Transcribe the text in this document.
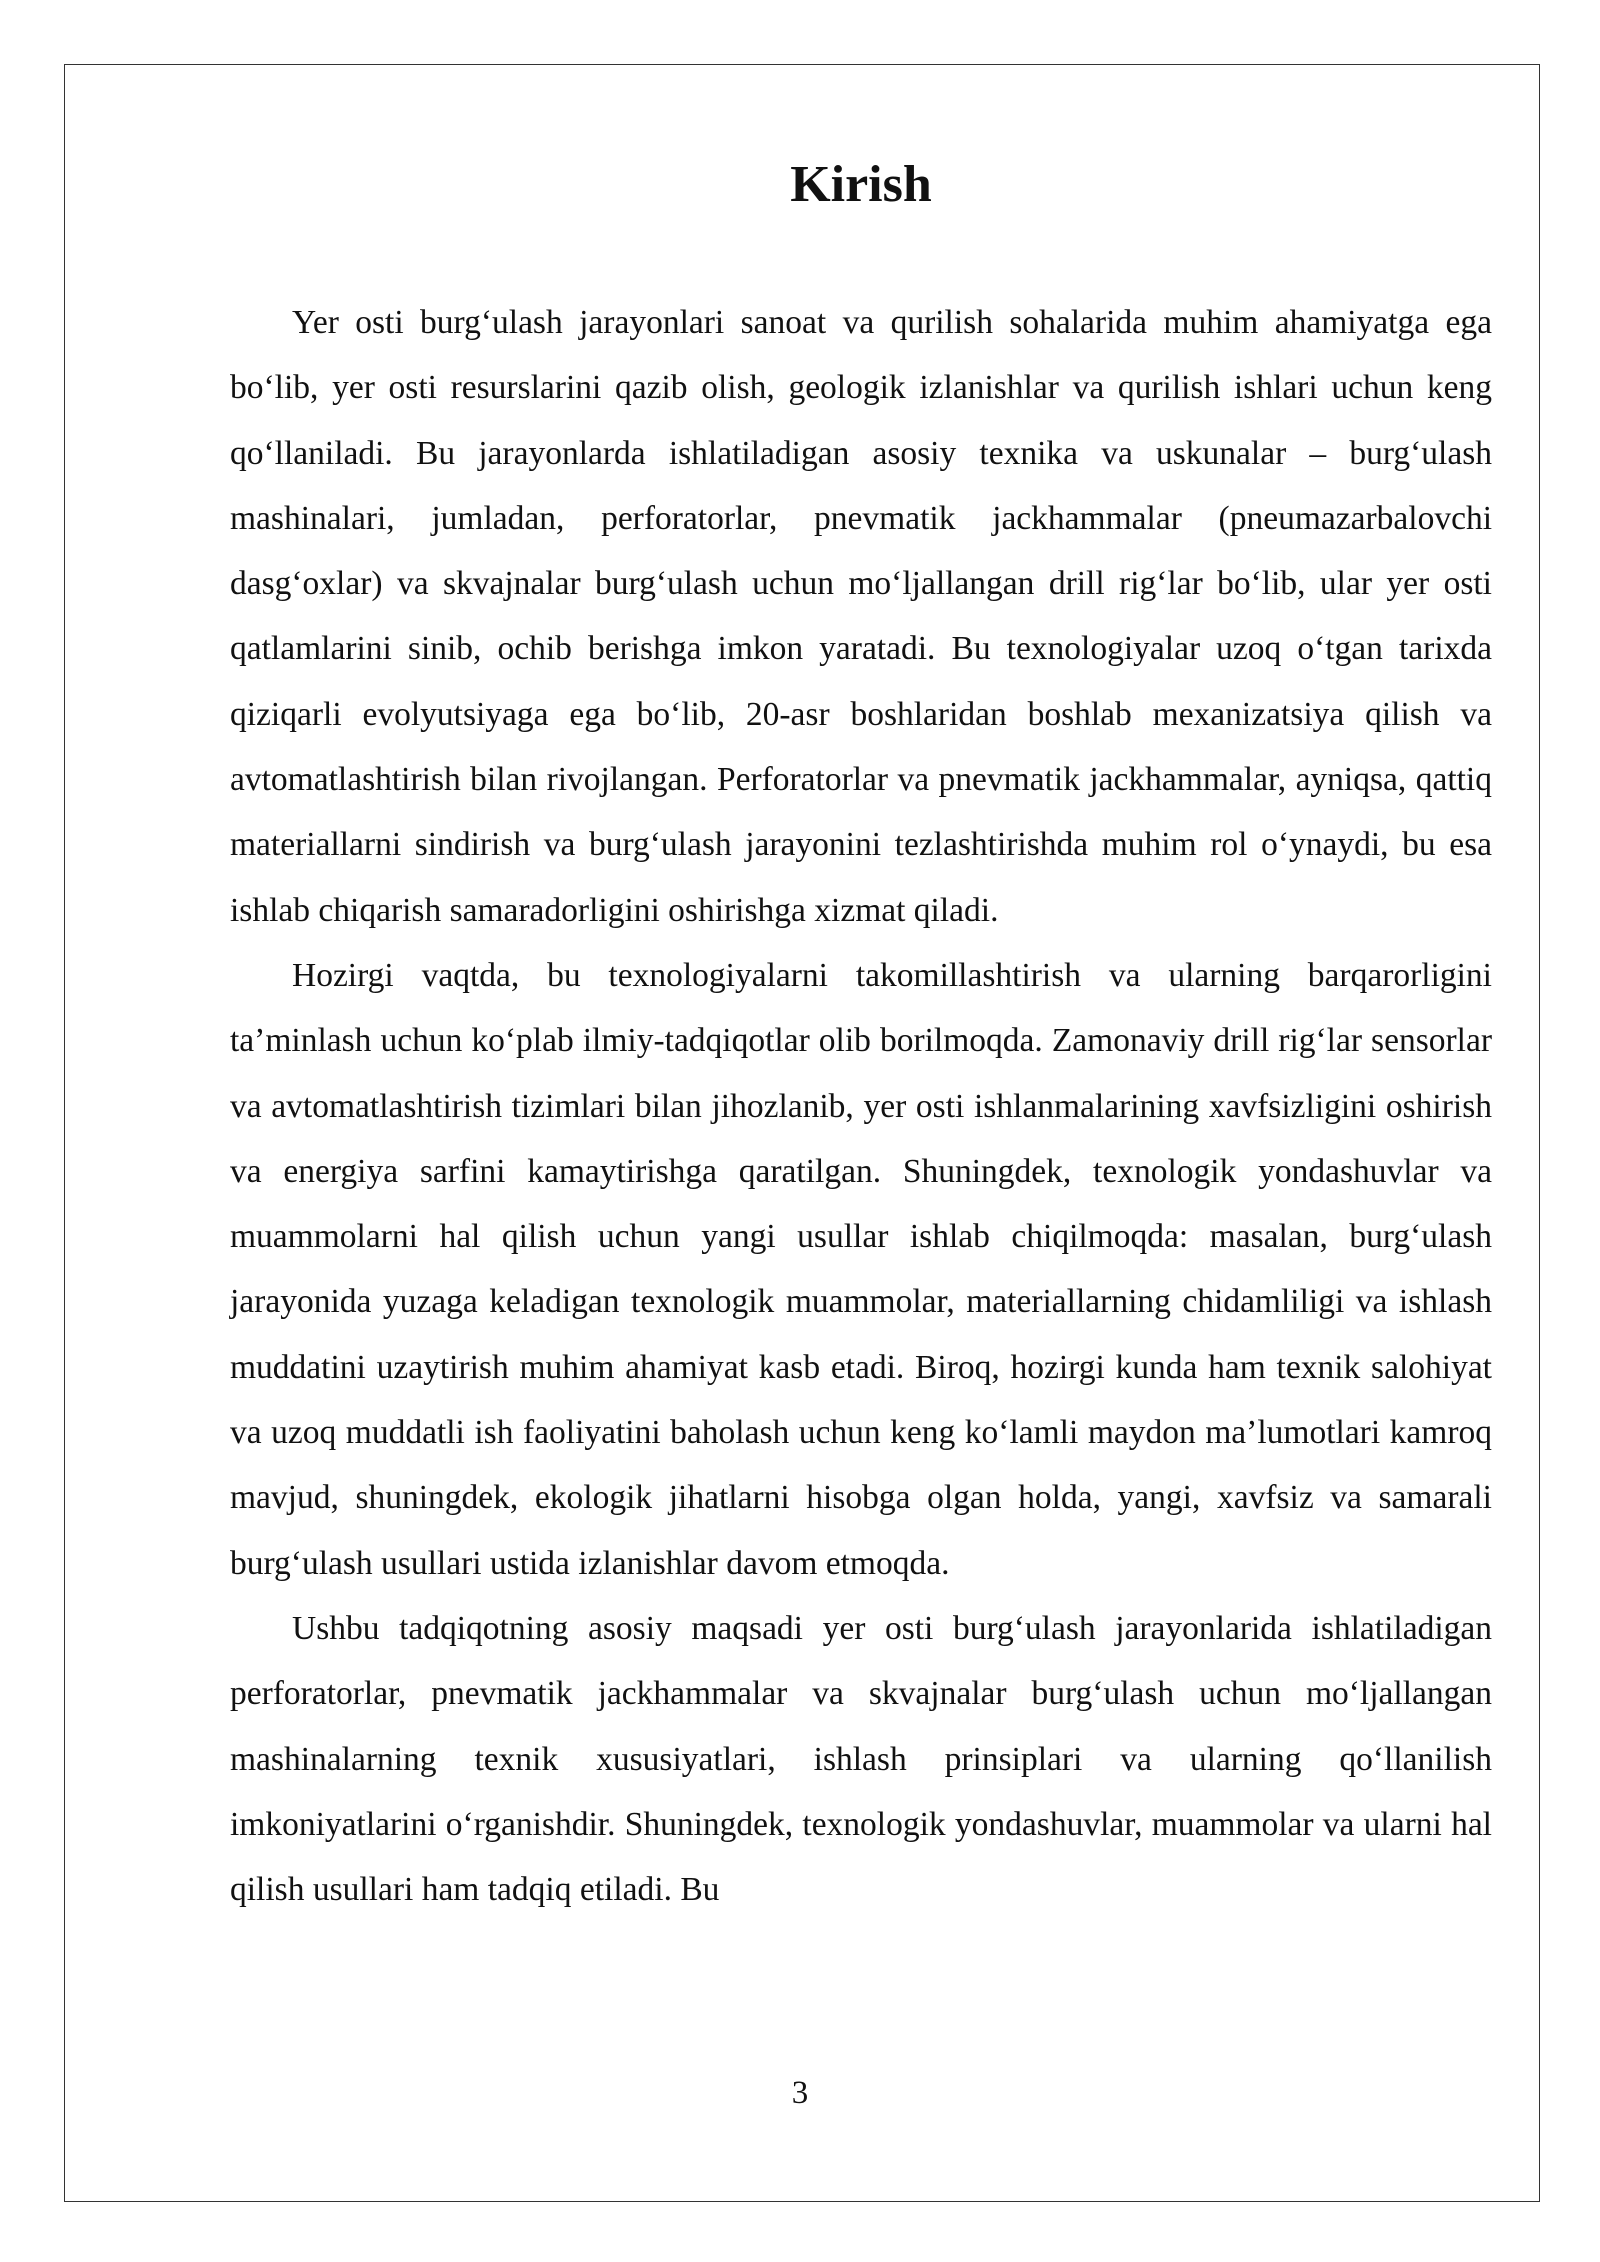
Kirish

Yer osti burg‘ulash jarayonlari sanoat va qurilish sohalarida muhim ahamiyatga ega bo‘lib, yer osti resurslarini qazib olish, geologik izlanishlar va qurilish ishlari uchun keng qo‘llaniladi. Bu jarayonlarda ishlatiladigan asosiy texnika va uskunalar – burg‘ulash mashinalari, jumladan, perforatorlar, pnevmatik jackhammalar (pneumazarbalovchi dasg‘oxlar) va skvajnalar burg‘ulash uchun mo‘ljallangan drill rig‘lar bo‘lib, ular yer osti qatlamlarini sinib, ochib berishga imkon yaratadi. Bu texnologiyalar uzoq o‘tgan tarixda qiziqarli evolyutsiyaga ega bo‘lib, 20-asr boshlaridan boshlab mexanizatsiya qilish va avtomatlashtirish bilan rivojlangan. Perforatorlar va pnevmatik jackhammalar, ayniqsa, qattiq materiallarni sindirish va burg‘ulash jarayonini tezlashtirishda muhim rol o‘ynaydi, bu esa ishlab chiqarish samaradorligini oshirishga xizmat qiladi.

Hozirgi vaqtda, bu texnologiyalarni takomillashtirish va ularning barqarorligini ta’minlash uchun ko‘plab ilmiy-tadqiqotlar olib borilmoqda. Zamonaviy drill rig‘lar sensorlar va avtomatlashtirish tizimlari bilan jihozlanib, yer osti ishlanmalarining xavfsizligini oshirish va energiya sarfini kamaytirishga qaratilgan. Shuningdek, texnologik yondashuvlar va muammolarni hal qilish uchun yangi usullar ishlab chiqilmoqda: masalan, burg‘ulash jarayonida yuzaga keladigan texnologik muammolar, materiallarning chidamliligi va ishlash muddatini uzaytirish muhim ahamiyat kasb etadi. Biroq, hozirgi kunda ham texnik salohiyat va uzoq muddatli ish faoliyatini baholash uchun keng ko‘lamli maydon ma’lumotlari kamroq mavjud, shuningdek, ekologik jihatlarni hisobga olgan holda, yangi, xavfsiz va samarali burg‘ulash usullari ustida izlanishlar davom etmoqda.

Ushbu tadqiqotning asosiy maqsadi yer osti burg‘ulash jarayonlarida ishlatiladigan perforatorlar, pnevmatik jackhammalar va skvajnalar burg‘ulash uchun mo‘ljallangan mashinalarning texnik xususiyatlari, ishlash prinsiplari va ularning qo‘llanilish imkoniyatlarini o‘rganishdir. Shuningdek, texnologik yondashuvlar, muammolar va ularni hal qilish usullari ham tadqiq etiladi. Bu

3
